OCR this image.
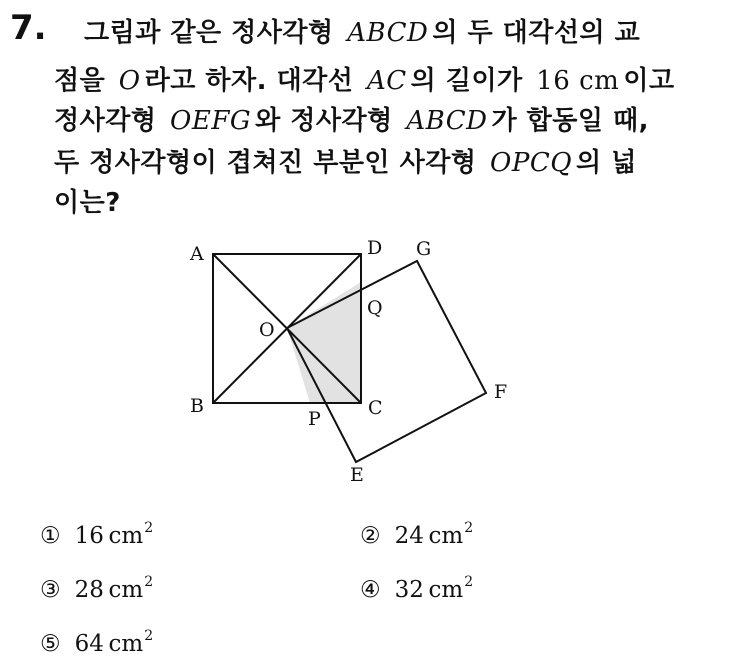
7. 그림과 같은 정사각형 ABCD 의 두 대각선의 교
점을 O 라고 하자. 대각선 AC 의 길이가 16 cm 이고
정사각형 OEFG 와 정사각형 ABCD 가 합동일 때,
두 정사각형이 겹쳐진 부분인 사각형 OPCQ 의 넓
이는?
A
B	C
D
O
P
Q
E
F
G
① 16  $cm^2$	② 24  $cm^2$
③ 28  $cm^2$	④ 32  $cm^2$
⑤ 64  $cm^2$
